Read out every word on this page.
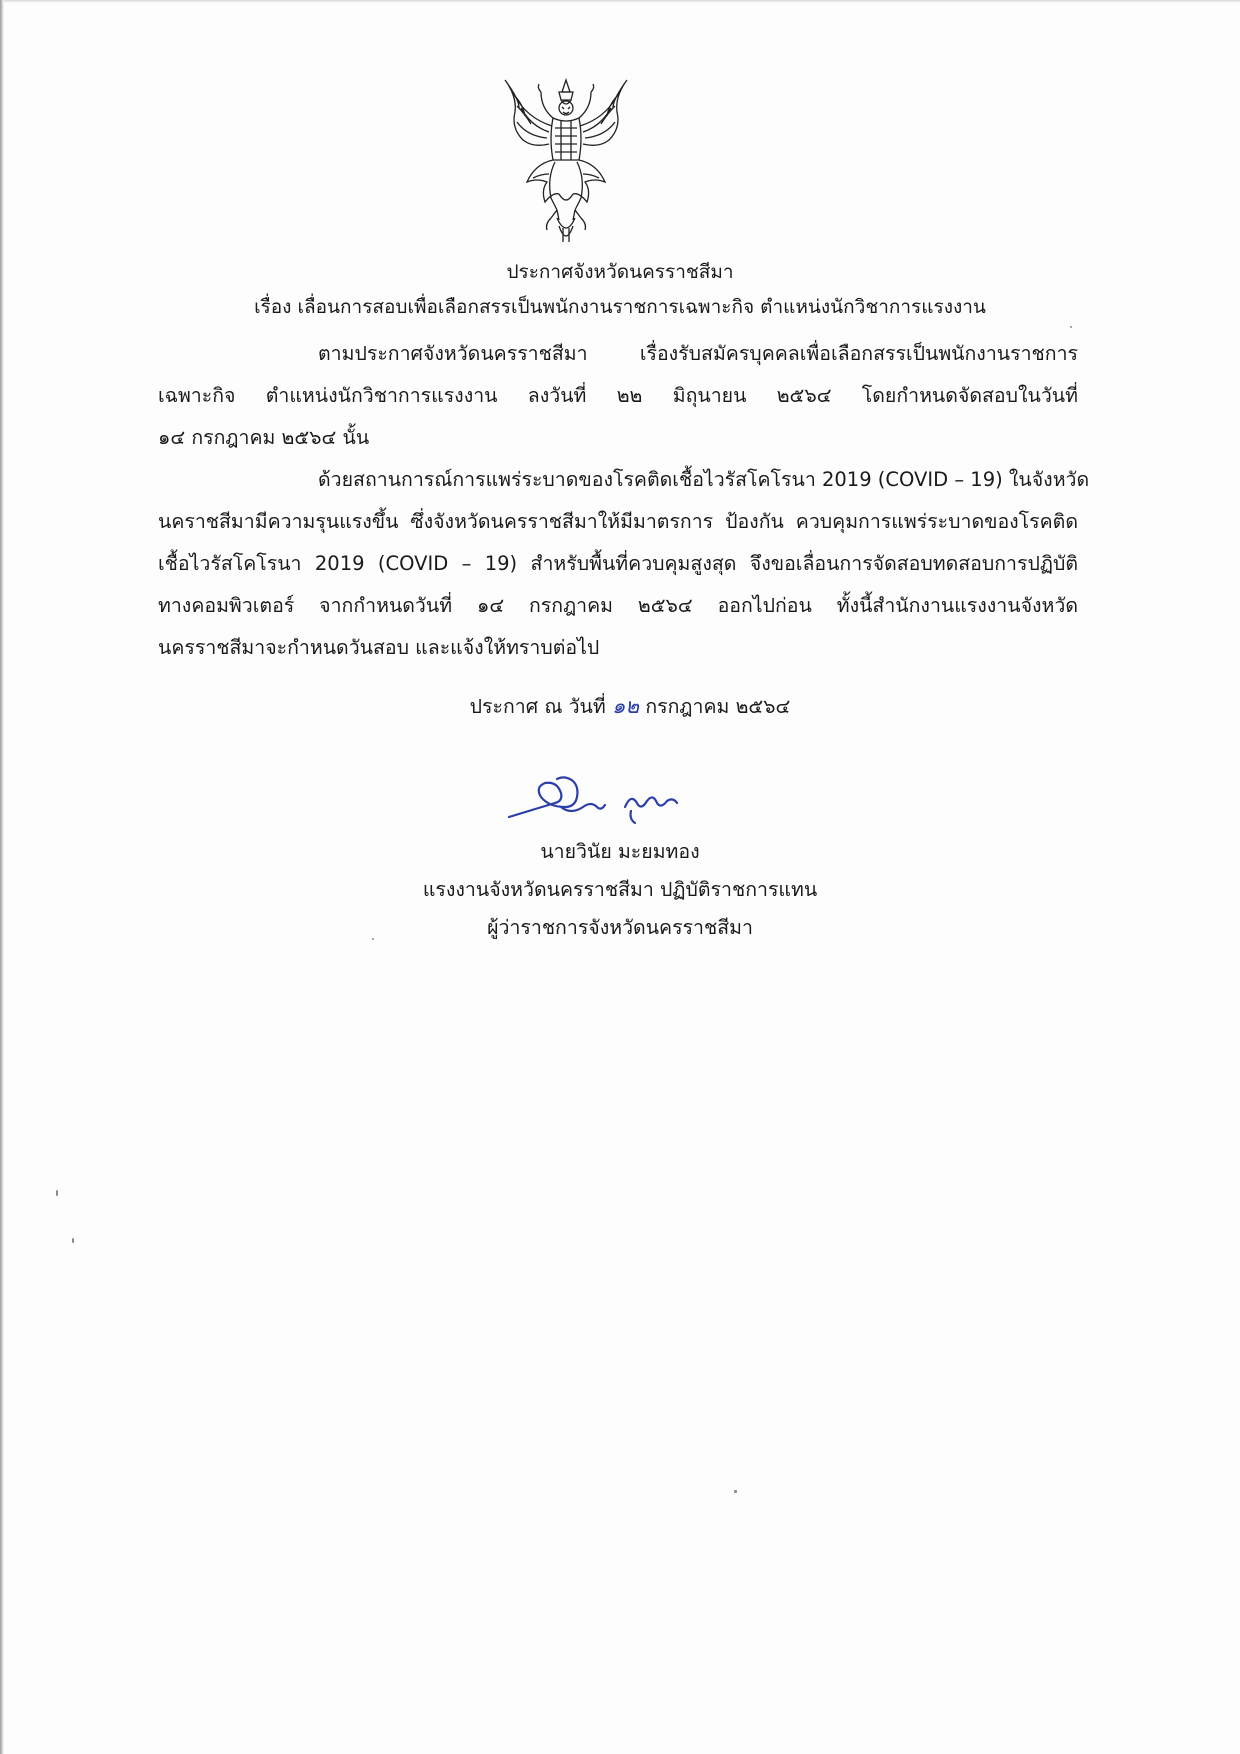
ประกาศจังหวัดนครราชสีมา
เรื่อง เลื่อนการสอบเพื่อเลือกสรรเป็นพนักงานราชการเฉพาะกิจ ตำแหน่งนักวิชาการแรงงาน
ตามประกาศจังหวัดนครราชสีมา เรื่องรับสมัครบุคคลเพื่อเลือกสรรเป็นพนักงานราชการ
เฉพาะกิจ ตำแหน่งนักวิชาการแรงงาน ลงวันที่ ๒๒ มิถุนายน ๒๕๖๔ โดยกำหนดจัดสอบในวันที่
๑๔ กรกฎาคม ๒๕๖๔ นั้น
ด้วยสถานการณ์การแพร่ระบาดของโรคติดเชื้อไวรัสโคโรนา 2019 (COVID – 19) ในจังหวัด
นคราชสีมามีความรุนแรงขึ้น ซึ่งจังหวัดนครราชสีมาให้มีมาตรการ ป้องกัน ควบคุมการแพร่ระบาดของโรคติด
เชื้อไวรัสโคโรนา 2019 (COVID – 19) สำหรับพื้นที่ควบคุมสูงสุด จึงขอเลื่อนการจัดสอบทดสอบการปฏิบัติ
ทางคอมพิวเตอร์ จากกำหนดวันที่ ๑๔ กรกฎาคม ๒๕๖๔ ออกไปก่อน ทั้งนี้สำนักงานแรงงานจังหวัด
นครราชสีมาจะกำหนดวันสอบ และแจ้งให้ทราบต่อไป
ประกาศ ณ วันที่ ๑๒ กรกฎาคม ๒๕๖๔
นายวินัย มะยมทอง
แรงงานจังหวัดนครราชสีมา ปฏิบัติราชการแทน
ผู้ว่าราชการจังหวัดนครราชสีมา
